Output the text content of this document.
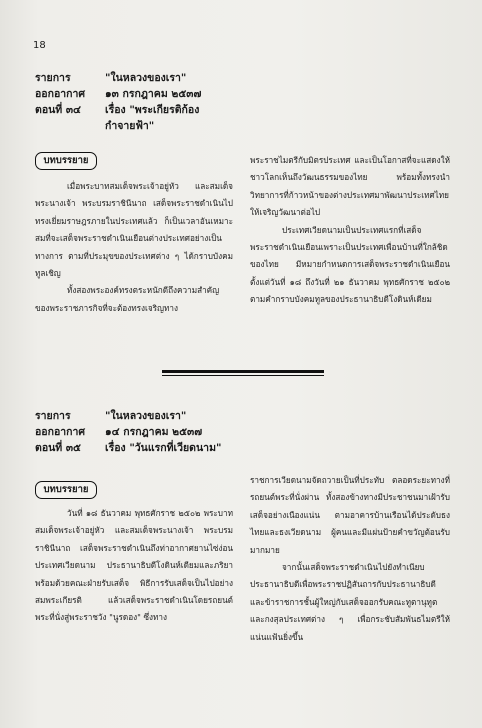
18
รายการ	"ในหลวงของเรา"
ออกอากาศ	๑๓ กรกฎาคม ๒๕๓๗
ตอนที่ ๓๔	เรื่อง "พระเกียรติก้อง
กำจายฟ้า"
บทบรรยาย

เมื่อพระบาทสมเด็จพระเจ้าอยู่หัว และสมเด็จพระนางเจ้า พระบรมราชินีนาถ เสด็จพระราชดำเนินไปทรงเยี่ยมราษฎรภายในประเทศแล้ว ก็เป็นเวลาอันเหมาะสมที่จะเสด็จพระราชดำเนินเยือนต่างประเทศอย่างเป็นทางการ ตามที่ประมุขของประเทศต่าง ๆ ได้กราบบังคมทูลเชิญ

ทั้งสองพระองค์ทรงตระหนักดีถึงความสำคัญของพระราชภารกิจที่จะต้องทรงเจริญทาง

พระราชไมตรีกับมิตรประเทศ และเป็นโอกาสที่จะแสดงให้ชาวโลกเห็นถึงวัฒนธรรมของไทย พร้อมทั้งทรงนำวิทยาการที่ก้าวหน้าของต่างประเทศมาพัฒนาประเทศไทยให้เจริญวัฒนาต่อไป

ประเทศเวียดนามเป็นประเทศแรกที่เสด็จพระราชดำเนินเยือนเพราะเป็นประเทศเพื่อนบ้านที่ใกล้ชิดของไทย มีหมายกำหนดการเสด็จพระราชดำเนินเยือน ตั้งแต่วันที่ ๑๘ ถึงวันที่ ๒๑ ธันวาคม พุทธศักราช ๒๕๐๒ ตามคำกราบบังคมทูลของประธานาธิบดีโงดินห์เดียม

รายการ	"ในหลวงของเรา"
ออกอากาศ	๑๔ กรกฎาคม ๒๕๓๗
ตอนที่ ๓๕	เรื่อง "วันแรกที่เวียดนาม"
บทบรรยาย

วันที่ ๑๘ ธันวาคม พุทธศักราช ๒๕๐๒ พระบาทสมเด็จพระเจ้าอยู่หัว และสมเด็จพระนางเจ้า พระบรมราชินีนาถ เสด็จพระราชดำเนินถึงท่าอากาศยานไซ่ง่อนประเทศเวียดนาม ประธานาธิบดีโงดินห์เดียมและภริยา พร้อมด้วยคณะฝ่ายรับเสด็จ พิธีการรับเสด็จเป็นไปอย่างสมพระเกียรติ แล้วเสด็จพระราชดำเนินโดยรถยนต์พระที่นั่งสู่พระราชวัง "นูรดอง" ซึ่งทาง

ราชการเวียดนามจัดถวายเป็นที่ประทับ ตลอดระยะทางที่รถยนต์พระที่นั่งผ่าน ทั้งสองข้างทางมีประชาชนมาเฝ้ารับเสด็จอย่างเนืองแน่น ตามอาคารบ้านเรือนได้ประดับธงไทยและธงเวียดนาม ผู้คนและมีแผ่นป้ายคำขวัญต้อนรับมากมาย

จากนั้นเสด็จพระราชดำเนินไปยังทำเนียบประธานาธิบดีเพื่อพระราชปฏิสันถารกับประธานาธิบดี และข้าราชการชั้นผู้ใหญ่กับเสด็จออกรับคณะทูตานุทูต และกงสุลประเทศต่าง ๆ เพื่อกระชับสัมพันธไมตรีให้แน่นแฟ้นยิ่งขึ้น
